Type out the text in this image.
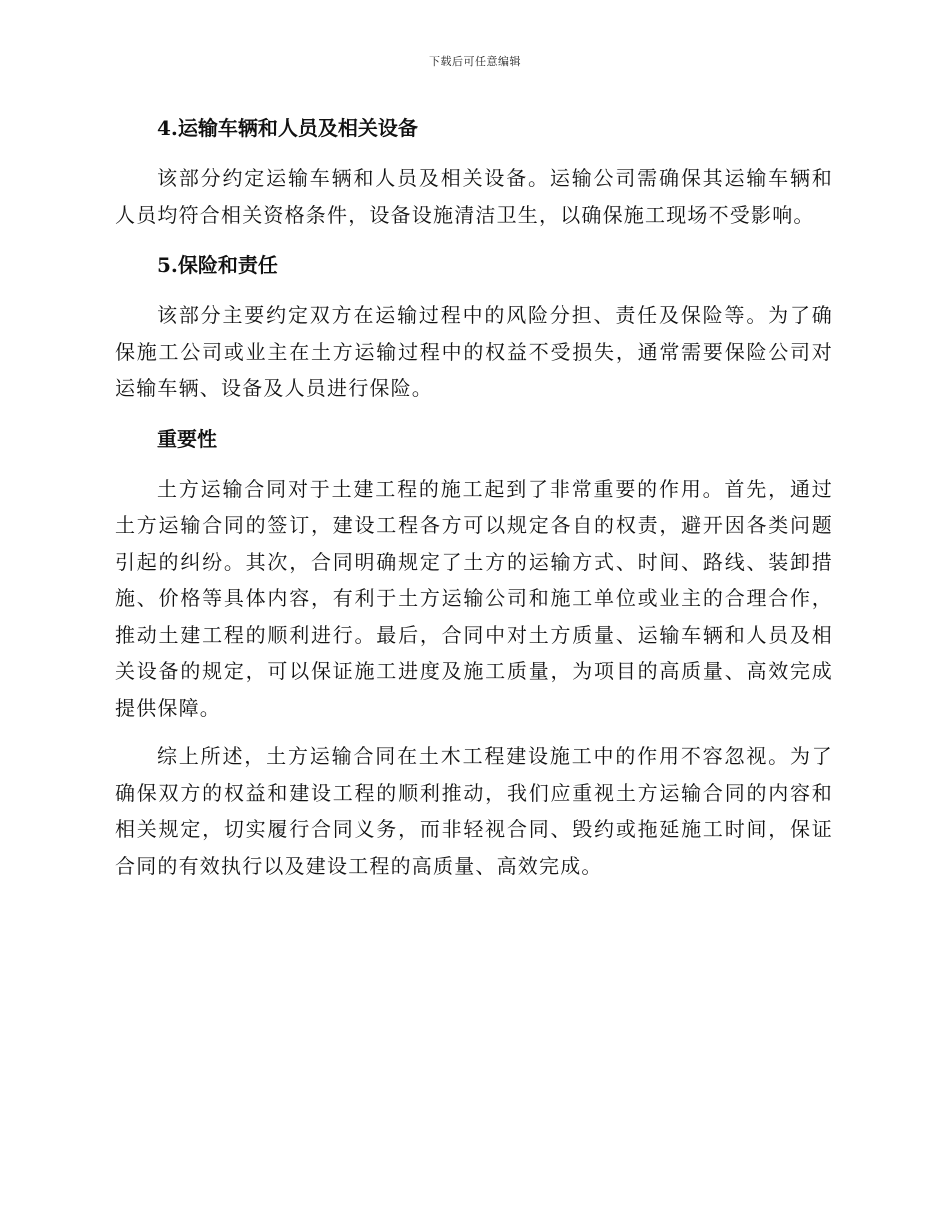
下载后可任意编辑
4.运输车辆和人员及相关设备

该部分约定运输车辆和人员及相关设备。运输公司需确保其运输车辆和人员均符合相关资格条件，设备设施清洁卫生，以确保施工现场不受影响。

5.保险和责任

该部分主要约定双方在运输过程中的风险分担、责任及保险等。为了确保施工公司或业主在土方运输过程中的权益不受损失，通常需要保险公司对运输车辆、设备及人员进行保险。

重要性

土方运输合同对于土建工程的施工起到了非常重要的作用。首先，通过土方运输合同的签订，建设工程各方可以规定各自的权责，避开因各类问题引起的纠纷。其次，合同明确规定了土方的运输方式、时间、路线、装卸措施、价格等具体内容，有利于土方运输公司和施工单位或业主的合理合作，推动土建工程的顺利进行。最后，合同中对土方质量、运输车辆和人员及相关设备的规定，可以保证施工进度及施工质量，为项目的高质量、高效完成提供保障。

综上所述，土方运输合同在土木工程建设施工中的作用不容忽视。为了确保双方的权益和建设工程的顺利推动，我们应重视土方运输合同的内容和相关规定，切实履行合同义务，而非轻视合同、毁约或拖延施工时间，保证合同的有效执行以及建设工程的高质量、高效完成。
